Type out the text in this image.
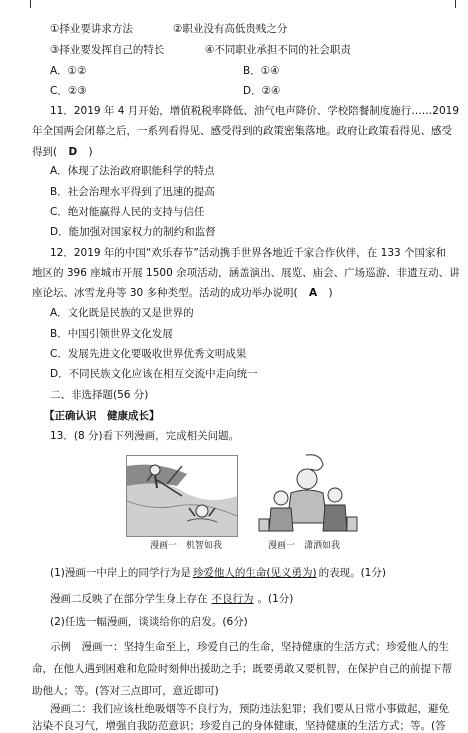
①择业要讲求方法	②职业没有高低贵贱之分
③择业要发挥自己的特长	④不同职业承担不同的社会职责
A．①②	B．①④
C．②③	D．②④
11．2019 年 4 月开始，增值税税率降低、油气电声降价、学校陪餐制度施行……2019
年全国两会闭幕之后，一系列看得见、感受得到的政策密集落地。政府让政策看得见、感受
得到( D )
A．体现了法治政府职能科学的特点
B．社会治理水平得到了迅速的提高
C．绝对能赢得人民的支持与信任
D．能加强对国家权力的制约和监督
12．2019 年的中国“欢乐春节”活动携手世界各地近千家合作伙伴，在 133 个国家和
地区的 396 座城市开展 1500 余项活动，涵盖演出、展览、庙会、广场巡游、非遗互动、讲
座论坛、冰雪龙舟等 30 多种类型。活动的成功举办说明( A )
A．文化既是民族的又是世界的
B．中国引领世界文化发展
C．发展先进文化要吸收世界优秀文明成果
D．不同民族文化应该在相互交流中走向统一
二、非选择题(56 分)
【正确认识　健康成长】
13．(8 分)看下列漫画，完成相关问题。
漫画一　机智如我	漫画一　潇洒如我
(1)漫画一中岸上的同学行为是 珍爱他人的生命(见义勇为) 的表现。(1分)
漫画二反映了在部分学生身上存在 不良行为 。(1分)
(2)任选一幅漫画，谈谈给你的启发。(6分)
示例　漫画一：坚持生命至上，珍爱自己的生命，坚持健康的生活方式；珍爱他人的生
命，在他人遇到困难和危险时刻伸出援助之手；既要勇敢又要机智，在保护自己的前提下帮
助他人；等。(答对三点即可，意近即可)
漫画二：我们应该杜绝吸烟等不良行为，预防违法犯罪；我们要从日常小事做起，避免
沾染不良习气，增强自我防范意识；珍爱自己的身体健康，坚持健康的生活方式；等。(答
